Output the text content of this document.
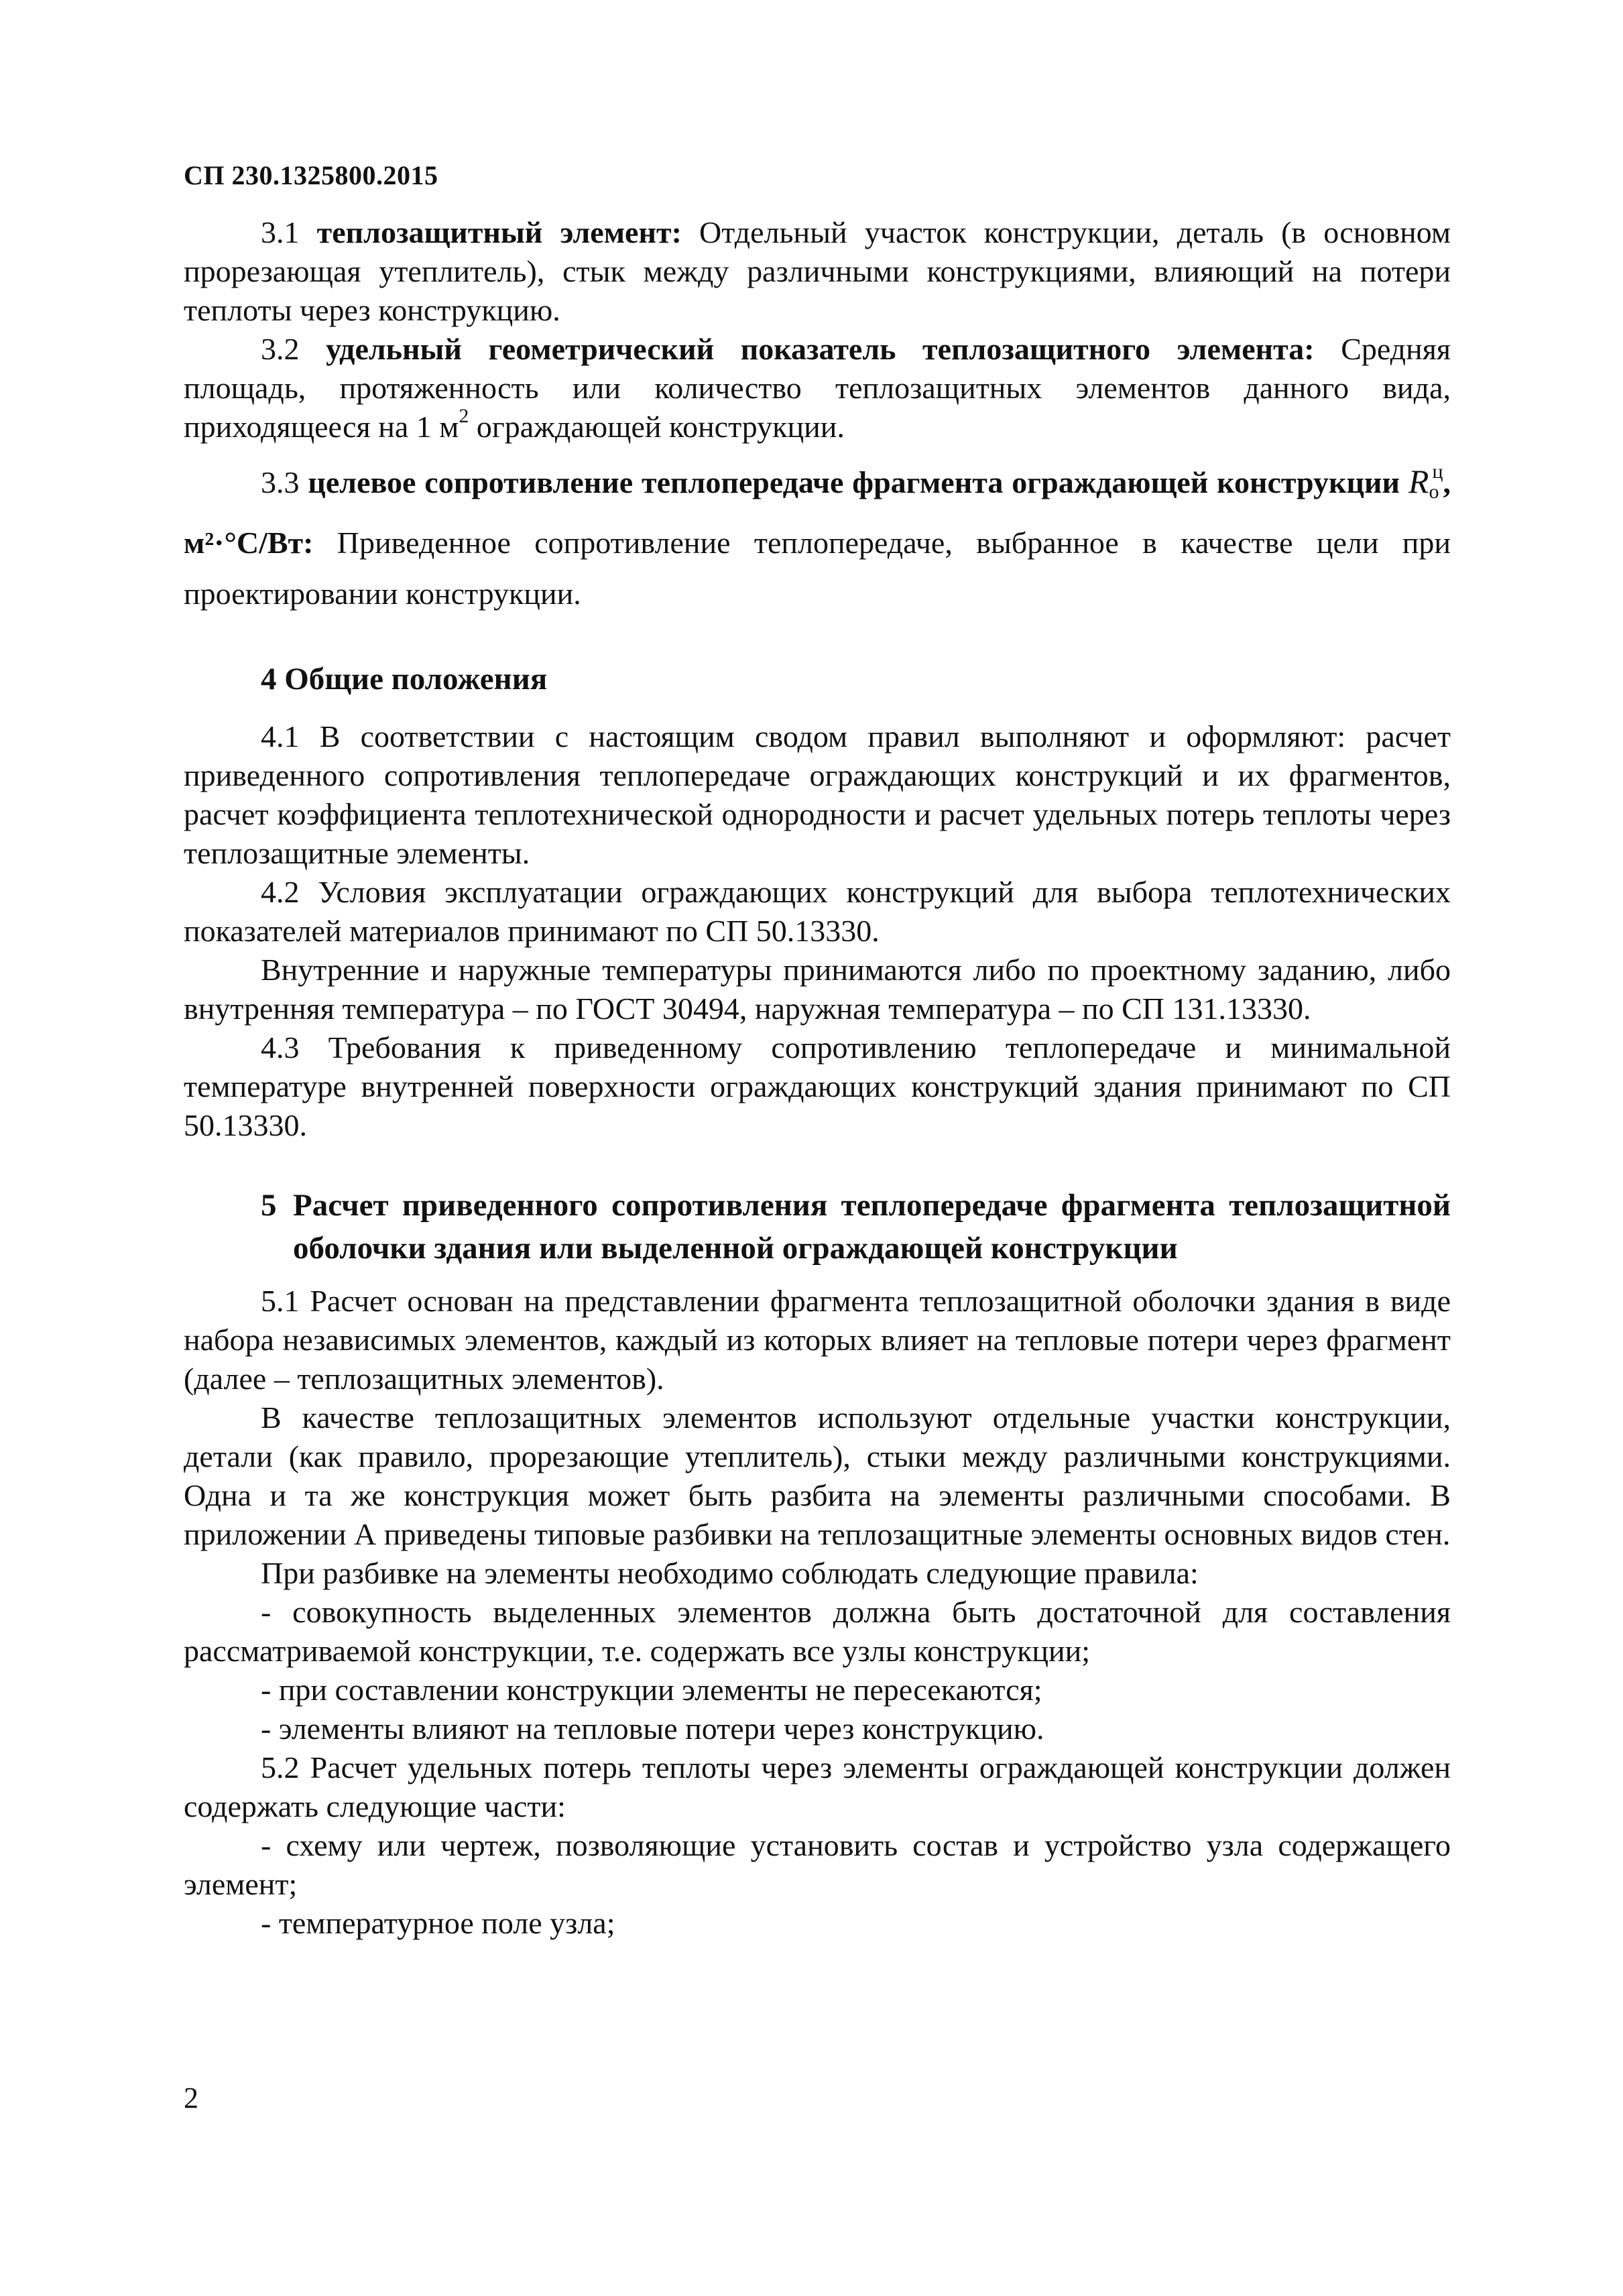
СП 230.1325800.2015

3.1 теплозащитный элемент: Отдельный участок конструкции, деталь (в основном прорезающая утеплитель), стык между различными конструкциями, влияющий на потери теплоты через конструкцию.

3.2 удельный геометрический показатель теплозащитного элемента: Средняя площадь, протяженность или количество теплозащитных элементов данного вида, приходящееся на 1 $м^2$ ограждающей конструкции.

3.3 целевое сопротивление теплопередаче фрагмента ограждающей конструкции $R_о^ц$, м²·°С/Вт: Приведенное сопротивление теплопередаче, выбранное в качестве цели при проектировании конструкции.

4 Общие положения

4.1 В соответствии с настоящим сводом правил выполняют и оформляют: расчет приведенного сопротивления теплопередаче ограждающих конструкций и их фрагментов, расчет коэффициента теплотехнической однородности и расчет удельных потерь теплоты через теплозащитные элементы.

4.2 Условия эксплуатации ограждающих конструкций для выбора теплотехнических показателей материалов принимают по СП 50.13330.

Внутренние и наружные температуры принимаются либо по проектному заданию, либо внутренняя температура – по ГОСТ 30494, наружная температура – по СП 131.13330.

4.3 Требования к приведенному сопротивлению теплопередаче и минимальной температуре внутренней поверхности ограждающих конструкций здания принимают по СП 50.13330.

5 Расчет приведенного сопротивления теплопередаче фрагмента теплозащитной оболочки здания или выделенной ограждающей конструкции

5.1 Расчет основан на представлении фрагмента теплозащитной оболочки здания в виде набора независимых элементов, каждый из которых влияет на тепловые потери через фрагмент (далее – теплозащитных элементов).

В качестве теплозащитных элементов используют отдельные участки конструкции, детали (как правило, прорезающие утеплитель), стыки между различными конструкциями. Одна и та же конструкция может быть разбита на элементы различными способами. В приложении А приведены типовые разбивки на теплозащитные элементы основных видов стен.

При разбивке на элементы необходимо соблюдать следующие правила:

- совокупность выделенных элементов должна быть достаточной для составления рассматриваемой конструкции, т.е. содержать все узлы конструкции;

- при составлении конструкции элементы не пересекаются;

- элементы влияют на тепловые потери через конструкцию.

5.2 Расчет удельных потерь теплоты через элементы ограждающей конструкции должен содержать следующие части:

- схему или чертеж, позволяющие установить состав и устройство узла содержащего элемент;

- температурное поле узла;

2
